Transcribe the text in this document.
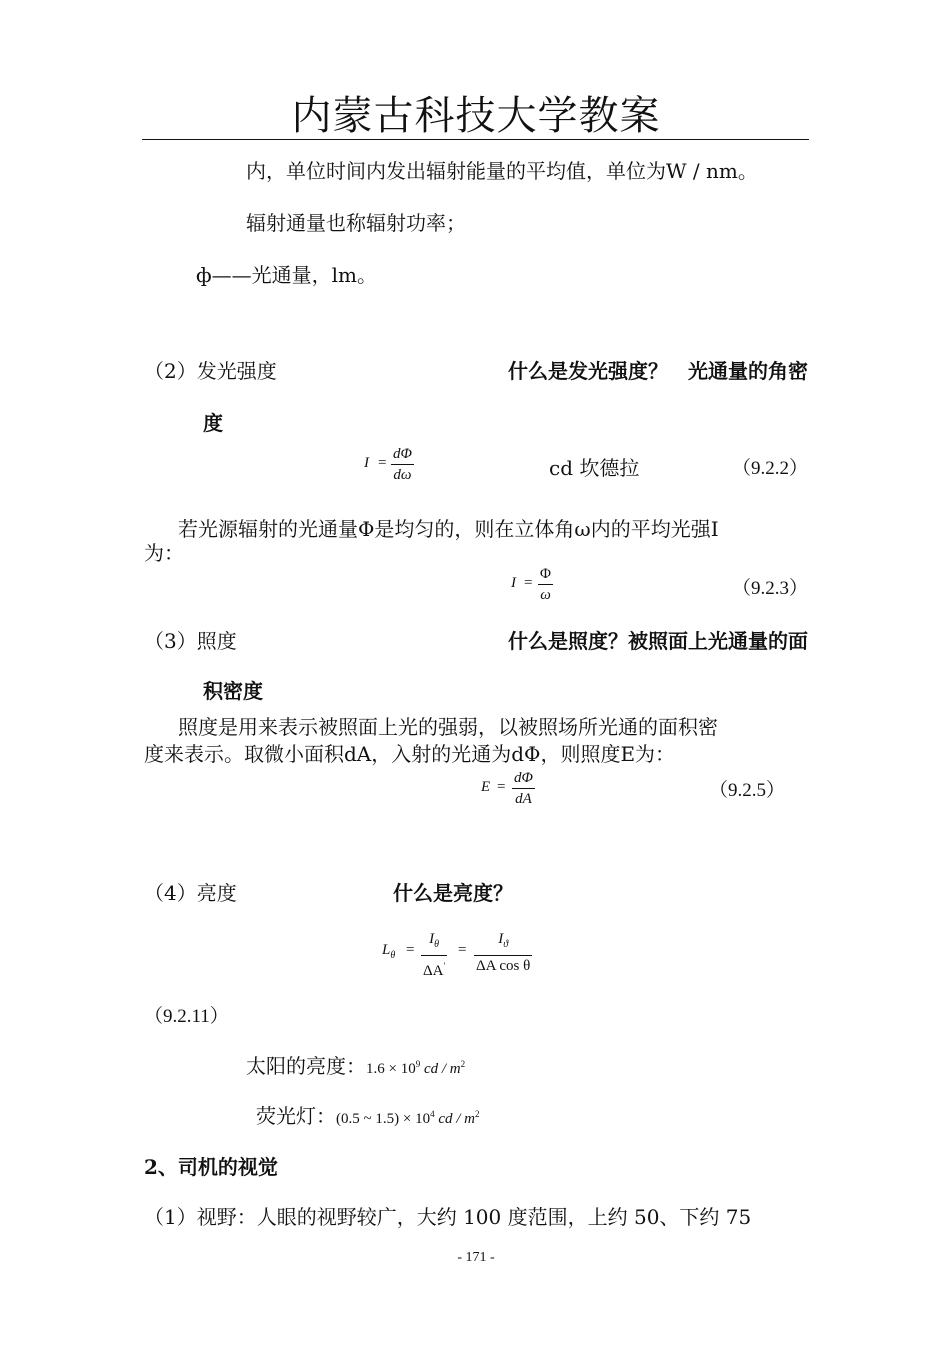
内蒙古科技大学教案
内，单位时间内发出辐射能量的平均值，单位为W / nm。
辐射通量也称辐射功率；
ф——光通量，lm。
（2）发光强度	什么是发光强度？　光通量的角密
度
$I = \frac{d\Phi}{d\omega}$	cd 坎德拉	（9.2.2）
若光源辐射的光通量Φ是均匀的，则在立体角ω内的平均光强I
为：
$I = \frac{\Phi}{\omega}$	（9.2.3）
（3）照度	什么是照度？被照面上光通量的面
积密度
照度是用来表示被照面上光的强弱，以被照场所光通的面积密
度来表示。取微小面积dA，入射的光通为dΦ，则照度E为：
$E = \frac{d\Phi}{dA}$	（9.2.5）
（4）亮度	什么是亮度？
$L_\theta = \frac{I_\theta}{\Delta A'} = \frac{I_ϑ}{\text{ΔA cos θ}}$
（9.2.11）
太阳的亮度：$1.6 \times 10^9$ cd / $m^2$
荧光灯：(0.5 ~ $1.5) \times 10^4$ cd / $m^2$
2、司机的视觉
（1）视野：人眼的视野较广，大约 100 度范围，上约 50、下约 75
- 171 -
